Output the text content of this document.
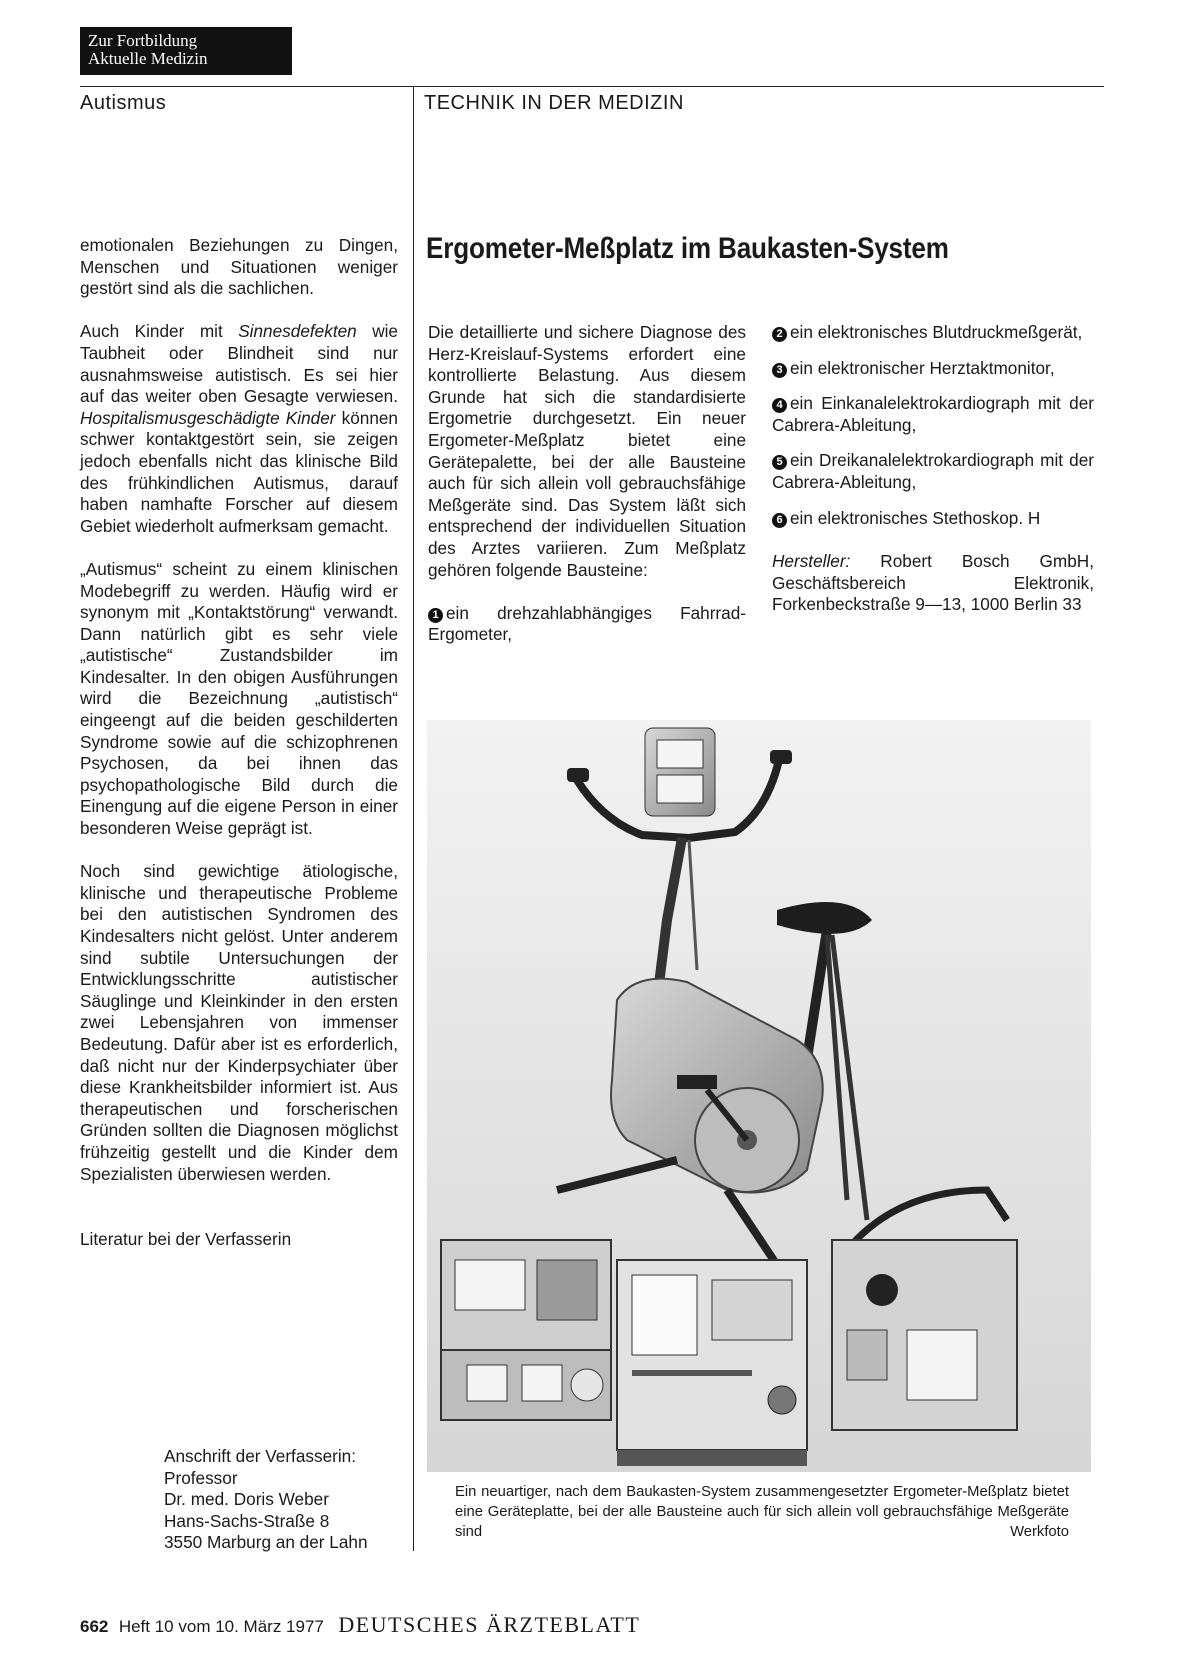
Zur Fortbildung
Aktuelle Medizin
Autismus	TECHNIK IN DER MEDIZIN

emotionalen Beziehungen zu Dingen, Menschen und Situationen weniger gestört sind als die sachlichen.

Auch Kinder mit Sinnesdefekten wie Taubheit oder Blindheit sind nur ausnahmsweise autistisch. Es sei hier auf das weiter oben Gesagte verwiesen. Hospitalismusgeschädigte Kinder können schwer kontaktgestört sein, sie zeigen jedoch ebenfalls nicht das klinische Bild des frühkindlichen Autismus, darauf haben namhafte Forscher auf diesem Gebiet wiederholt aufmerksam gemacht.

„Autismus“ scheint zu einem klinischen Modebegriff zu werden. Häufig wird er synonym mit „Kontaktstörung“ verwandt. Dann natürlich gibt es sehr viele „autistische“ Zustandsbilder im Kindesalter. In den obigen Ausführungen wird die Bezeichnung „autistisch“ eingeengt auf die beiden geschilderten Syndrome sowie auf die schizophrenen Psychosen, da bei ihnen das psychopathologische Bild durch die Einengung auf die eigene Person in einer besonderen Weise geprägt ist.

Noch sind gewichtige ätiologische, klinische und therapeutische Probleme bei den autistischen Syndromen des Kindesalters nicht gelöst. Unter anderem sind subtile Untersuchungen der Entwicklungsschritte autistischer Säuglinge und Kleinkinder in den ersten zwei Lebensjahren von immenser Bedeutung. Dafür aber ist es erforderlich, daß nicht nur der Kinderpsychiater über diese Krankheitsbilder informiert ist. Aus therapeutischen und forscherischen Gründen sollten die Diagnosen möglichst frühzeitig gestellt und die Kinder dem Spezialisten überwiesen werden.

Literatur bei der Verfasserin

Anschrift der Verfasserin:
Professor
Dr. med. Doris Weber
Hans-Sachs-Straße 8
3550 Marburg an der Lahn
Ergometer-Meßplatz im Baukasten-System

Die detaillierte und sichere Diagnose des Herz-Kreislauf-Systems erfordert eine kontrollierte Belastung. Aus diesem Grunde hat sich die standardisierte Ergometrie durchgesetzt. Ein neuer Ergometer-Meßplatz bietet eine Gerätepalette, bei der alle Bausteine auch für sich allein voll gebrauchsfähige Meßgeräte sind. Das System läßt sich entsprechend der individuellen Situation des Arztes variieren. Zum Meßplatz gehören folgende Bausteine:

1 ein drehzahlabhängiges Fahrrad-Ergometer,
2 ein elektronisches Blutdruckmeßgerät,
3 ein elektronischer Herztaktmonitor,
4 ein Einkanalelektrokardiograph mit der Cabrera-Ableitung,
5 ein Dreikanalelektrokardiograph mit der Cabrera-Ableitung,
6 ein elektronisches Stethoskop. H

Hersteller: Robert Bosch GmbH, Geschäftsbereich Elektronik, Forkenbeckstraße 9—13, 1000 Berlin 33

Ein neuartiger, nach dem Baukasten-System zusammengesetzter Ergometer-Meßplatz bietet eine Geräteplatte, bei der alle Bausteine auch für sich allein voll gebrauchsfähige Meßgeräte sind	Werkfoto
662 Heft 10 vom 10. März 1977 DEUTSCHES ÄRZTEBLATT
